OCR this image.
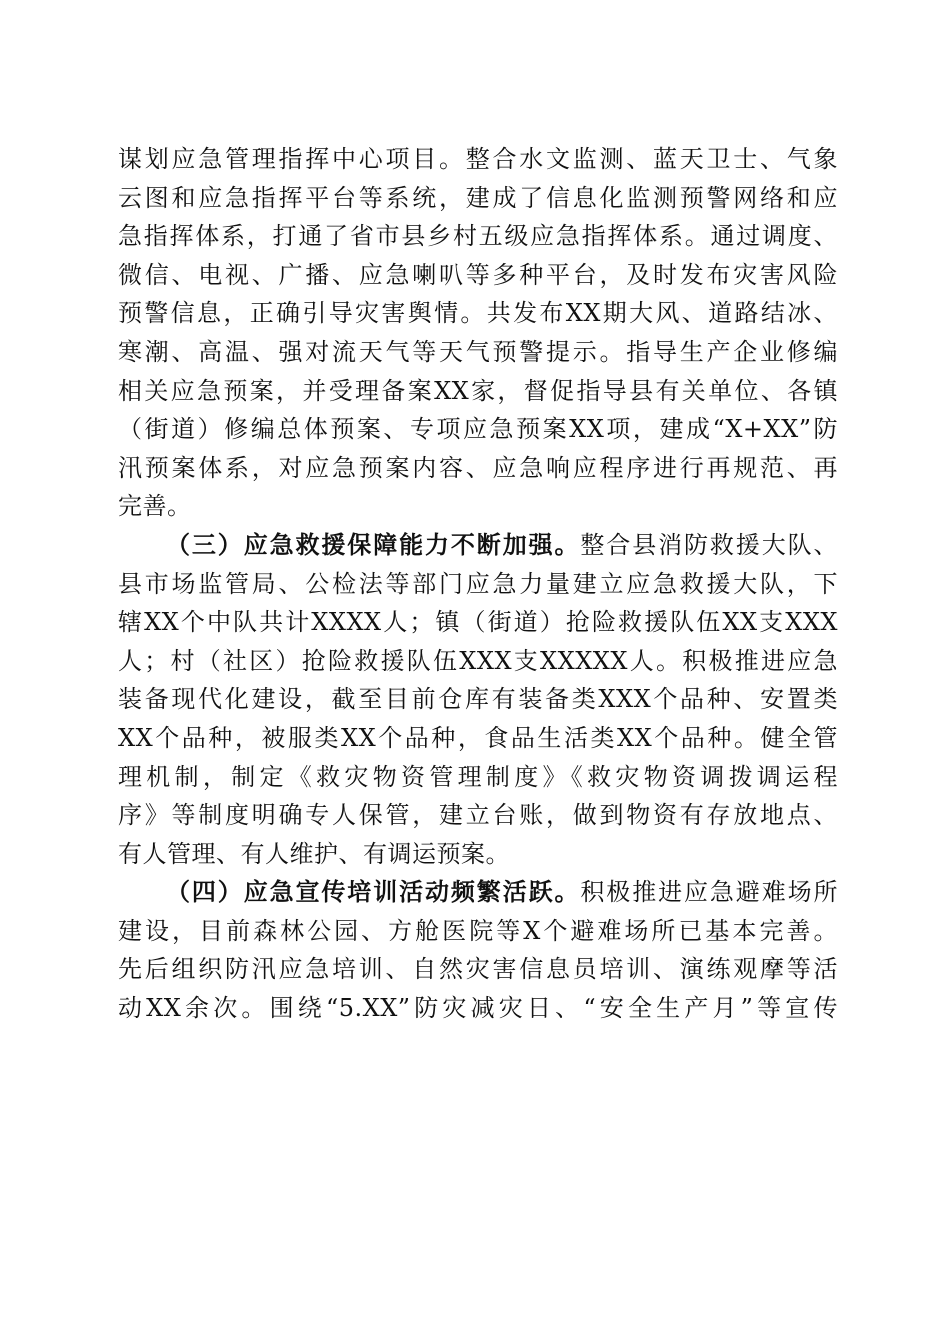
谋划应急管理指挥中心项目。整合水文监测、蓝天卫士、气象
云图和应急指挥平台等系统，建成了信息化监测预警网络和应
急指挥体系，打通了省市县乡村五级应急指挥体系。通过调度、
微信、电视、广播、应急喇叭等多种平台，及时发布灾害风险
预警信息，正确引导灾害舆情。共发布XX期大风、道路结冰、
寒潮、高温、强对流天气等天气预警提示。指导生产企业修编
相关应急预案，并受理备案XX家，督促指导县有关单位、各镇
（街道）修编总体预案、专项应急预案XX项，建成“X+XX”防
汛预案体系，对应急预案内容、应急响应程序进行再规范、再
完善。
（三）应急救援保障能力不断加强。整合县消防救援大队、
县市场监管局、公检法等部门应急力量建立应急救援大队，下
辖XX个中队共计XXXX人；镇（街道）抢险救援队伍XX支XXX
人；村（社区）抢险救援队伍XXX支XXXXX人。积极推进应急
装备现代化建设，截至目前仓库有装备类XXX个品种、安置类
XX个品种，被服类XX个品种，食品生活类XX个品种。健全管
理机制，制定《救灾物资管理制度》《救灾物资调拨调运程
序》等制度明确专人保管，建立台账，做到物资有存放地点、
有人管理、有人维护、有调运预案。
（四）应急宣传培训活动频繁活跃。积极推进应急避难场所
建设，目前森林公园、方舱医院等X个避难场所已基本完善。
先后组织防汛应急培训、自然灾害信息员培训、演练观摩等活
动XX余次。围绕“5.XX”防灾减灾日、“安全生产月”等宣传
